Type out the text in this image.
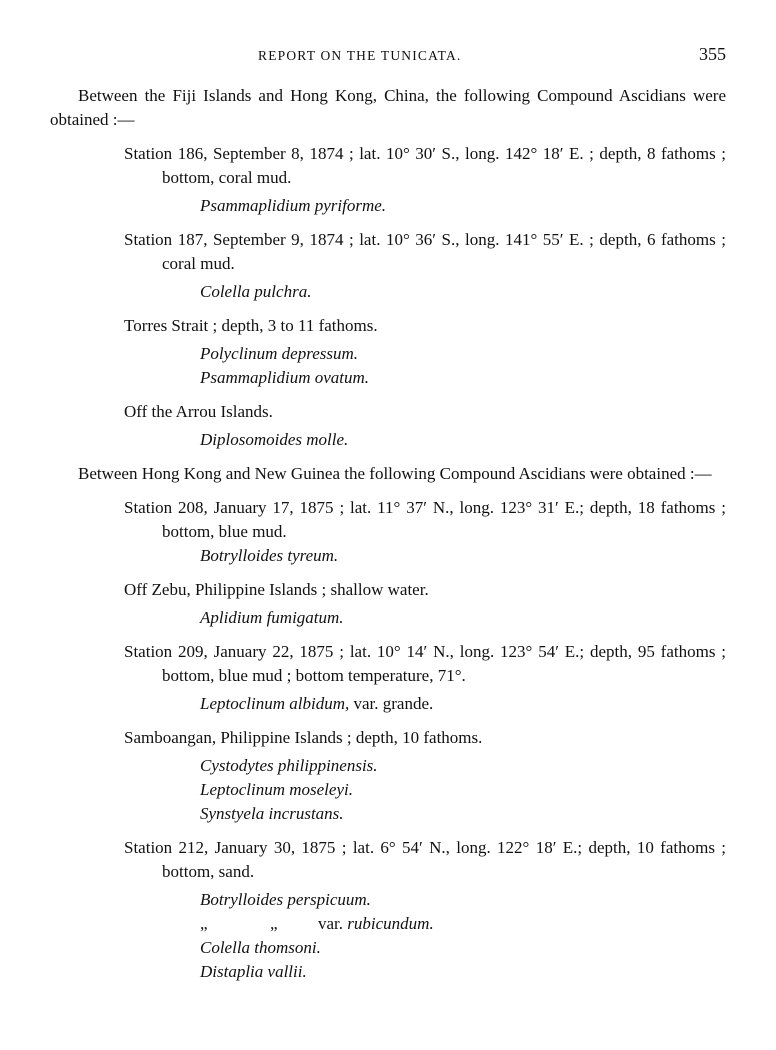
REPORT ON THE TUNICATA.	355

Between the Fiji Islands and Hong Kong, China, the following Compound Ascidians were obtained :—

Station 186, September 8, 1874 ; lat. 10° 30′ S., long. 142° 18′ E. ; depth, 8 fathoms ; bottom, coral mud.

Psammaplidium pyriforme.

Station 187, September 9, 1874 ; lat. 10° 36′ S., long. 141° 55′ E. ; depth, 6 fathoms ; coral mud.

Colella pulchra.

Torres Strait ; depth, 3 to 11 fathoms.

Polyclinum depressum.
Psammaplidium ovatum.

Off the Arrou Islands.

Diplosomoides molle.

Between Hong Kong and New Guinea the following Compound Ascidians were obtained :—

Station 208, January 17, 1875 ; lat. 11° 37′ N., long. 123° 31′ E.; depth, 18 fathoms ; bottom, blue mud.

Botrylloides tyreum.

Off Zebu, Philippine Islands ; shallow water.

Aplidium fumigatum.

Station 209, January 22, 1875 ; lat. 10° 14′ N., long. 123° 54′ E.; depth, 95 fathoms ; bottom, blue mud ; bottom temperature, 71°.

Leptoclinum albidum, var. grande.

Samboangan, Philippine Islands ; depth, 10 fathoms.

Cystodytes philippinensis.
Leptoclinum moseleyi.
Synstyela incrustans.

Station 212, January 30, 1875 ; lat. 6° 54′ N., long. 122° 18′ E.; depth, 10 fathoms ; bottom, sand.

Botrylloides perspicuum.
„	„ var. rubicundum.
Colella thomsoni.
Distaplia vallii.
